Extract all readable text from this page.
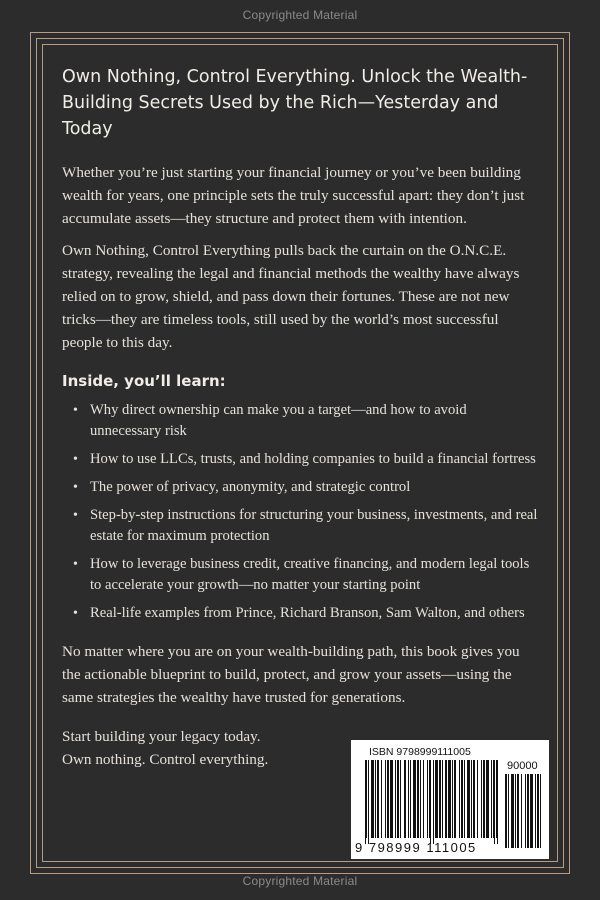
Copyrighted Material
Own Nothing, Control Everything. Unlock the Wealth-Building Secrets Used by the Rich—Yesterday and Today

Whether you’re just starting your financial journey or you’ve been building wealth for years, one principle sets the truly successful apart: they don’t just accumulate assets—they structure and protect them with intention.

Own Nothing, Control Everything pulls back the curtain on the O.N.C.E. strategy, revealing the legal and financial methods the wealthy have always relied on to grow, shield, and pass down their fortunes. These are not new tricks—they are timeless tools, still used by the world’s most successful people to this day.

Inside, you’ll learn:
• Why direct ownership can make you a target—and how to avoid unnecessary risk
• How to use LLCs, trusts, and holding companies to build a financial fortress
• The power of privacy, anonymity, and strategic control
• Step-by-step instructions for structuring your business, investments, and real estate for maximum protection
• How to leverage business credit, creative financing, and modern legal tools to accelerate your growth—no matter your starting point
• Real-life examples from Prince, Richard Branson, Sam Walton, and others

No matter where you are on your wealth-building path, this book gives you the actionable blueprint to build, protect, and grow your assets—using the same strategies the wealthy have trusted for generations.

Start building your legacy today.
Own nothing. Control everything.	ISBN 9798999111005
90000
9 798999 111005
Copyrighted Material
